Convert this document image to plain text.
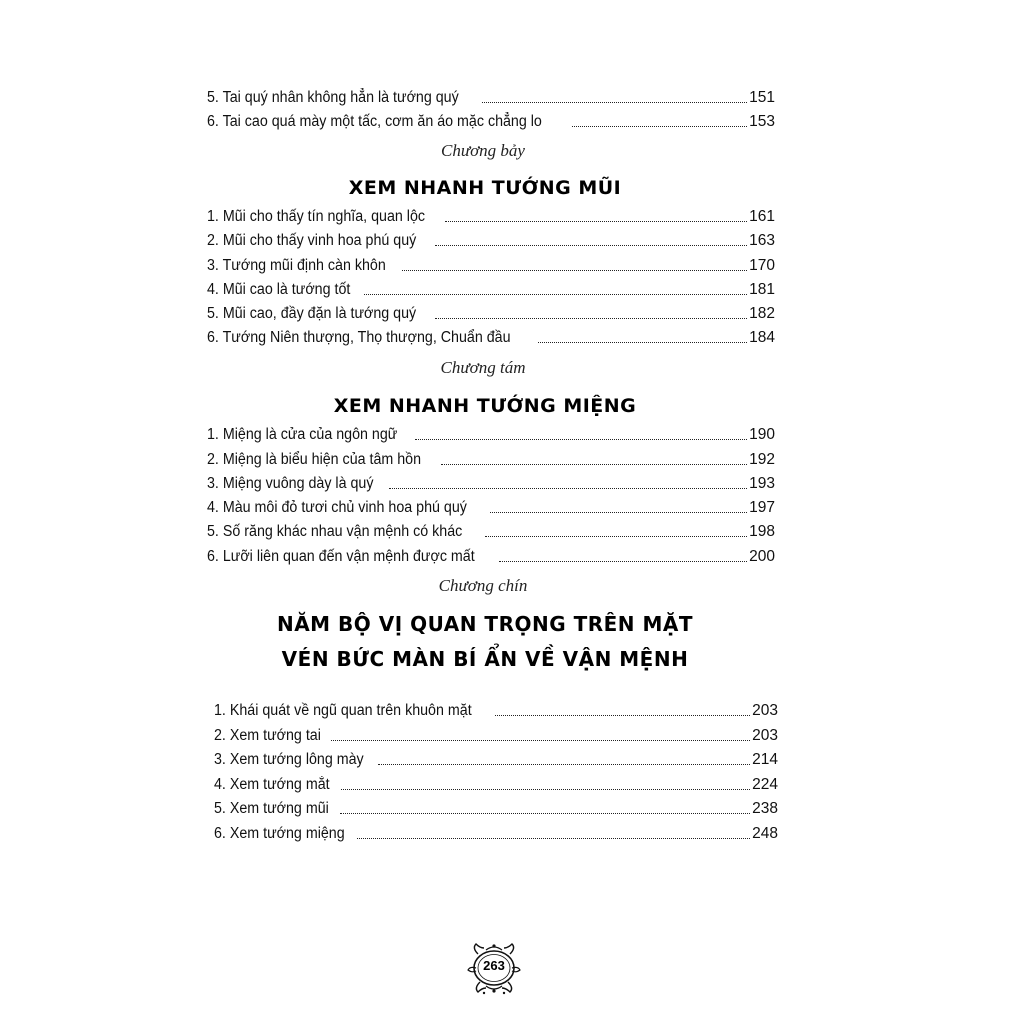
5. Tai quý nhân không hẳn là tướng quý	151
6. Tai cao quá mày một tấc, cơm ăn áo mặc chẳng lo	153
Chương bảy
XEM NHANH TƯỚNG MŨI
1. Mũi cho thấy tín nghĩa, quan lộc	161
2. Mũi cho thấy vinh hoa phú quý	163
3. Tướng mũi định càn khôn	170
4. Mũi cao là tướng tốt	181
5. Mũi cao, đầy đặn là tướng quý	182
6. Tướng Niên thượng, Thọ thượng, Chuẩn đầu	184
Chương tám
XEM NHANH TƯỚNG MIỆNG
1. Miệng là cửa của ngôn ngữ	190
2. Miệng là biểu hiện của tâm hồn	192
3. Miệng vuông dày là quý	193
4. Màu môi đỏ tươi chủ vinh hoa phú quý	197
5. Số răng khác nhau vận mệnh có khác	198
6. Lưỡi liên quan đến vận mệnh được mất	200
Chương chín
NĂM BỘ VỊ QUAN TRỌNG TRÊN MẶT
VÉN BỨC MÀN BÍ ẨN VỀ VẬN MỆNH
1. Khái quát về ngũ quan trên khuôn mặt	203
2. Xem tướng tai	203
3. Xem tướng lông mày	214
4. Xem tướng mắt	224
5. Xem tướng mũi	238
6. Xem tướng miệng	248
263
